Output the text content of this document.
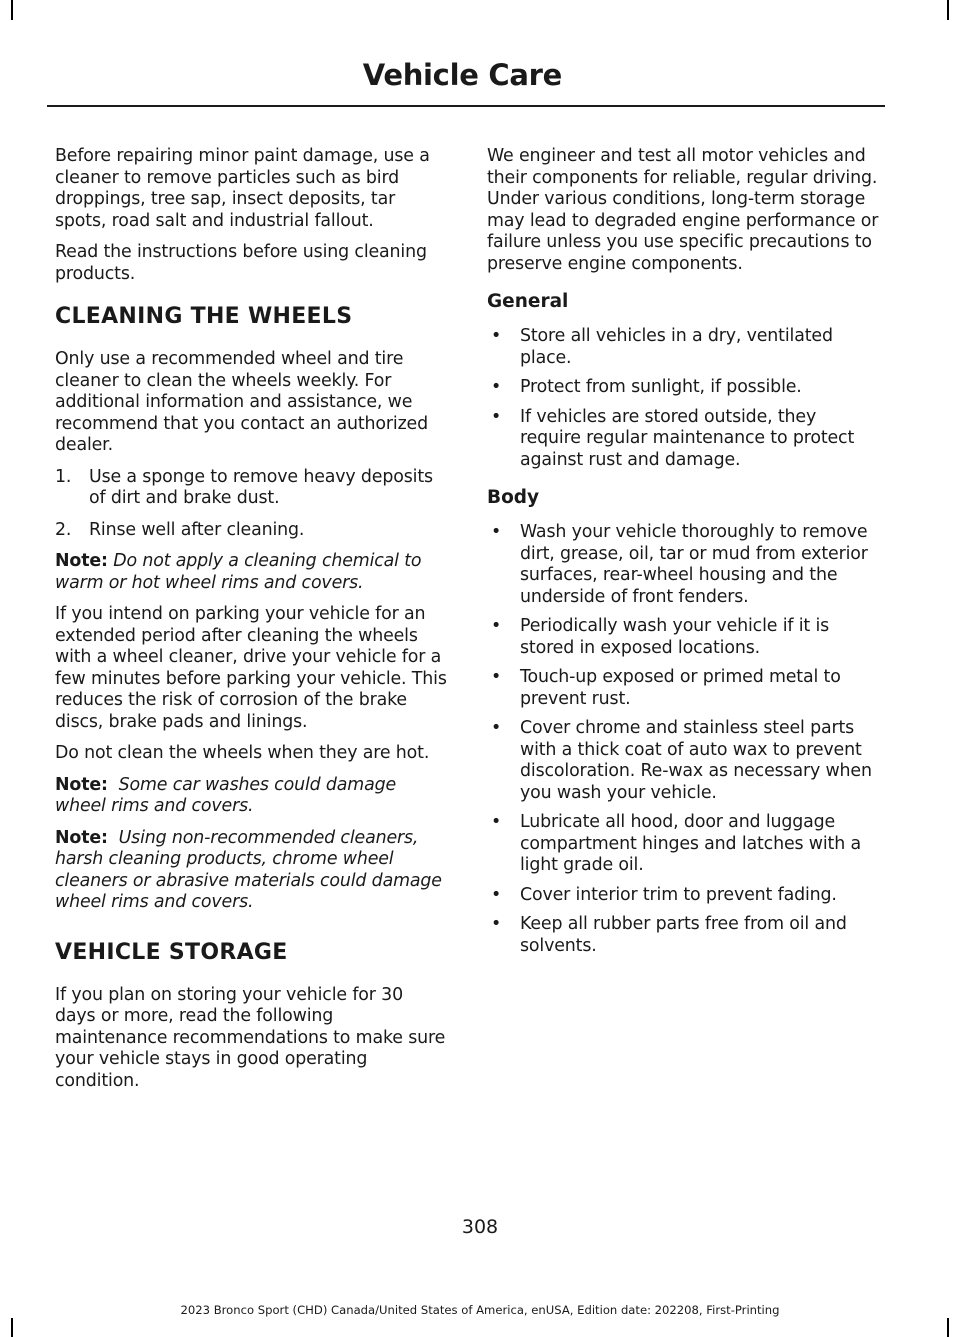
Vehicle Care

Before repairing minor paint damage, use a cleaner to remove particles such as bird droppings, tree sap, insect deposits, tar spots, road salt and industrial fallout.

Read the instructions before using cleaning products.

CLEANING THE WHEELS

Only use a recommended wheel and tire cleaner to clean the wheels weekly. For additional information and assistance, we recommend that you contact an authorized dealer.

1. Use a sponge to remove heavy deposits of dirt and brake dust.
2. Rinse well after cleaning.

Note: Do not apply a cleaning chemical to warm or hot wheel rims and covers.

If you intend on parking your vehicle for an extended period after cleaning the wheels with a wheel cleaner, drive your vehicle for a few minutes before parking your vehicle. This reduces the risk of corrosion of the brake discs, brake pads and linings.

Do not clean the wheels when they are hot.

Note: Some car washes could damage wheel rims and covers.

Note: Using non-recommended cleaners, harsh cleaning products, chrome wheel cleaners or abrasive materials could damage wheel rims and covers.

VEHICLE STORAGE

If you plan on storing your vehicle for 30 days or more, read the following maintenance recommendations to make sure your vehicle stays in good operating condition.

We engineer and test all motor vehicles and their components for reliable, regular driving. Under various conditions, long-term storage may lead to degraded engine performance or failure unless you use specific precautions to preserve engine components.

General
• Store all vehicles in a dry, ventilated place.
• Protect from sunlight, if possible.
• If vehicles are stored outside, they require regular maintenance to protect against rust and damage.
Body
• Wash your vehicle thoroughly to remove dirt, grease, oil, tar or mud from exterior surfaces, rear-wheel housing and the underside of front fenders.
• Periodically wash your vehicle if it is stored in exposed locations.
• Touch-up exposed or primed metal to prevent rust.
• Cover chrome and stainless steel parts with a thick coat of auto wax to prevent discoloration. Re-wax as necessary when you wash your vehicle.
• Lubricate all hood, door and luggage compartment hinges and latches with a light grade oil.
• Cover interior trim to prevent fading.
• Keep all rubber parts free from oil and solvents.
308
2023 Bronco Sport (CHD) Canada/United States of America, enUSA, Edition date: 202208, First-Printing
